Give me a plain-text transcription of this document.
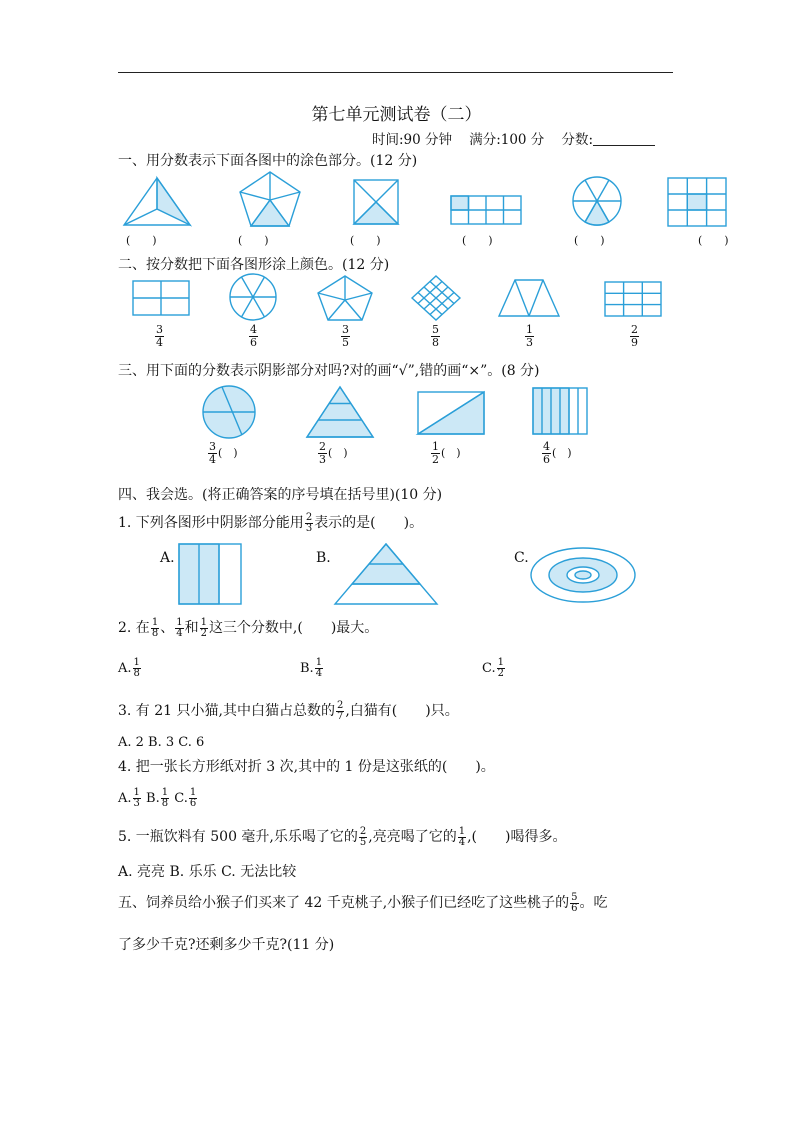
第七单元测试卷（二）
时间:90 分钟 满分:100 分 分数:
一、用分数表示下面各图中的涂色部分。(12 分)
(　　)	(　　)	(　　)	(　　)	(　　)	(　　)
二、按分数把下面各图形涂上颜色。(12 分)
$\frac{3}{4}$	$\frac{4}{6}$	$\frac{3}{5}$	$\frac{5}{8}$	$\frac{1}{3}$	$\frac{2}{9}$
三、用下面的分数表示阴影部分对吗?对的画“√”,错的画“×”。(8 分)
$\frac{3}{4}$ (　)	$\frac{2}{3}$ (　)	$\frac{1}{2}$ (　)	$\frac{4}{6}$ (　)
四、我会选。(将正确答案的序号填在括号里)(10 分)
1. 下列各图形中阴影部分能用 $\frac{2}{3}$ 表示的是(　　)。
A.	B.	C.
2. 在 $\frac{1}{8}$ 、 $\frac{1}{4}$ 和 $\frac{1}{2}$ 这三个分数中,(　　)最大。
A. $\frac{1}{8}$	B. $\frac{1}{4}$	C. $\frac{1}{2}$
3. 有 21 只小猫,其中白猫占总数的 $\frac{2}{7}$ ,白猫有(　　)只。
A. 2 B. 3 C. 6
4. 把一张长方形纸对折 3 次,其中的 1 份是这张纸的(　　)。
A. $\frac{1}{3} B$. $\frac{1}{8} C$. $\frac{1}{6}$
5. 一瓶饮料有 500 毫升,乐乐喝了它的 $\frac{2}{5}$ ,亮亮喝了它的 $\frac{1}{4}$ ,(　　)喝得多。
A. 亮亮 B. 乐乐 C. 无法比较
五、饲养员给小猴子们买来了 42 千克桃子,小猴子们已经吃了这些桃子的 $\frac{5}{6}$ 。吃
了多少千克?还剩多少千克?(11 分)
